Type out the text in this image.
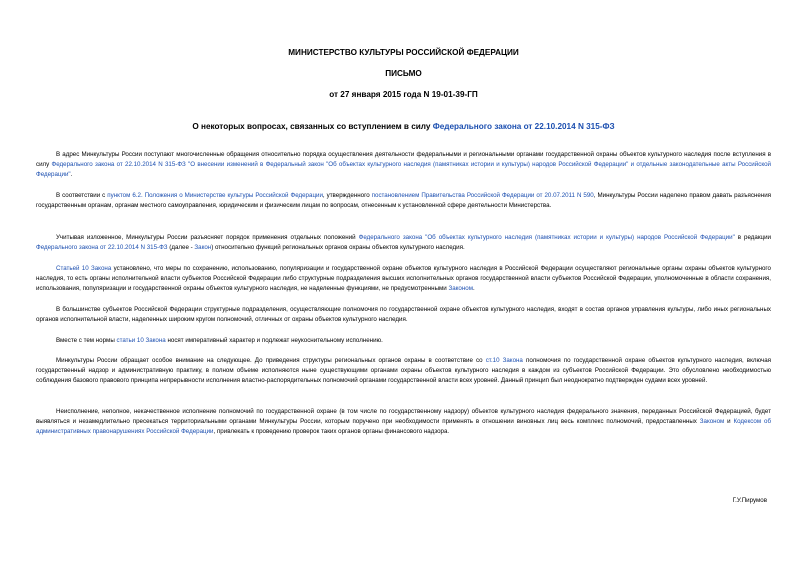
МИНИСТЕРСТВО КУЛЬТУРЫ РОССИЙСКОЙ ФЕДЕРАЦИИ
ПИСЬМО
от 27 января 2015 года N 19-01-39-ГП
О некоторых вопросах, связанных со вступлением в силу Федерального закона от 22.10.2014 N 315-ФЗ

В адрес Минкультуры России поступают многочисленные обращения относительно порядка осуществления деятельности федеральными и региональными органами государственной охраны объектов культурного наследия после вступления в силу Федерального закона от 22.10.2014 N 315-ФЗ "О внесении изменений в Федеральный закон "Об объектах культурного наследия (памятниках истории и культуры) народов Российской Федерации" и отдельные законодательные акты Российской Федерации".

В соответствии с пунктом 6.2. Положения о Министерстве культуры Российской Федерации, утвержденного постановлением Правительства Российской Федерации от 20.07.2011 N 590, Минкультуры России наделено правом давать разъяснения государственным органам, органам местного самоуправления, юридическим и физическим лицам по вопросам, отнесенным к установленной сфере деятельности Министерства.

Учитывая изложенное, Минкультуры России разъясняет порядок применения отдельных положений Федерального закона "Об объектах культурного наследия (памятниках истории и культуры) народов Российской Федерации" в редакции Федерального закона от 22.10.2014 N 315-ФЗ (далее - Закон) относительно функций региональных органов охраны объектов культурного наследия.

Статьей 10 Закона установлено, что меры по сохранению, использованию, популяризации и государственной охране объектов культурного наследия в Российской Федерации осуществляют региональные органы охраны объектов культурного наследия, то есть органы исполнительной власти субъектов Российской Федерации либо структурные подразделения высших исполнительных органов государственной власти субъектов Российской Федерации, уполномоченные в области сохранения, использования, популяризации и государственной охраны объектов культурного наследия, не наделенные функциями, не предусмотренными Законом.

В большинстве субъектов Российской Федерации структурные подразделения, осуществляющие полномочия по государственной охране объектов культурного наследия, входят в состав органов управления культуры, либо иных региональных органов исполнительной власти, наделенных широким кругом полномочий, отличных от охраны объектов культурного наследия.

Вместе с тем нормы статьи 10 Закона носят императивный характер и подлежат неукоснительному исполнению.

Минкультуры России обращает особое внимание на следующее. До приведения структуры региональных органов охраны в соответствие со ст.10 Закона полномочия по государственной охране объектов культурного наследия, включая государственный надзор и административную практику, в полном объеме исполняются ныне существующими органами охраны объектов культурного наследия в каждом из субъектов Российской Федерации. Это обусловлено необходимостью соблюдения базового правового принципа непрерывности исполнения властно-распорядительных полномочий органами государственной власти всех уровней. Данный принцип был неоднократно подтвержден судами всех уровней.

Неисполнение, неполное, некачественное исполнение полномочий по государственной охране (в том числе по государственному надзору) объектов культурного наследия федерального значения, переданных Российской Федерацией, будет выявляться и незамедлительно пресекаться территориальными органами Минкультуры России, которым поручено при необходимости применять в отношении виновных лиц весь комплекс полномочий, предоставленных Законом и Кодексом об административных правонарушениях Российской Федерации, привлекать к проведению проверок таких органов органы финансового надзора.

Г.У.Пирумов
